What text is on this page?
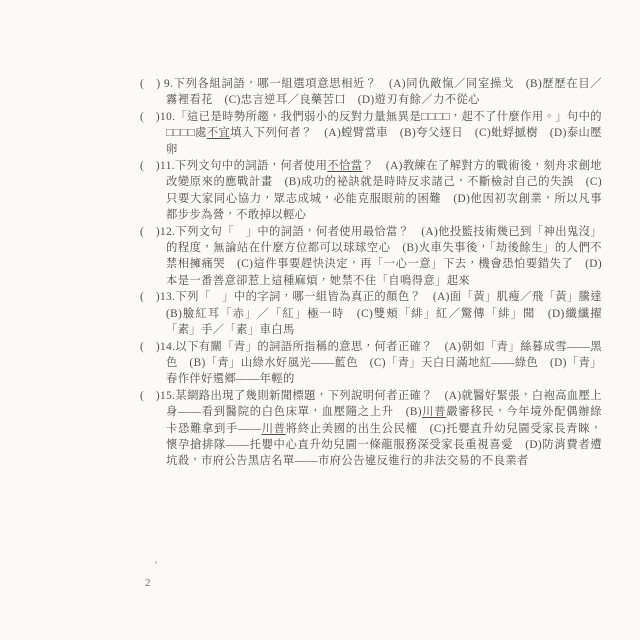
(　) 9.下列各組詞語，哪一組選項意思相近？　(A)同仇敵愾／同室操戈　(B)歷歷在目／霧裡看花　(C)忠言逆耳／良藥苦口　(D)遊刃有餘／力不從心
(　)10.「這已是時勢所趨，我們弱小的反對力量無異是□□□□，起不了什麼作用。」句中的□□□□處不宜填入下列何者？　(A)螳臂當車　(B)夸父逐日　(C)蚍蜉撼樹　(D)泰山壓卵
(　)11.下列文句中的詞語，何者使用不恰當？　(A)教練在了解對方的戰術後，刻舟求劍地改變原來的應戰計畫　(B)成功的祕訣就是時時反求諸己，不斷檢討自己的失誤　(C)只要大家同心協力，眾志成城，必能克服眼前的困難　(D)他因初次創業，所以凡事都步步為營，不敢掉以輕心
(　)12.下列文句「　」中的詞語，何者使用最恰當？　(A)他投籃技術幾已到「神出鬼沒」的程度，無論站在什麼方位都可以球球空心　(B)火車失事後，「劫後餘生」的人們不禁相擁痛哭　(C)這件事要趕快決定，再「一心一意」下去，機會恐怕要錯失了　(D)本是一番善意卻惹上這種麻煩，她禁不住「自鳴得意」起來
(　)13.下列「　」中的字詞，哪一組皆為真正的顏色？　(A)面「黃」肌瘦／飛「黃」騰達　(B)臉紅耳「赤」／「紅」極一時　(C)雙頰「緋」紅／驚傳「緋」聞　(D)纖纖擢「素」手／「素」車白馬
(　)14.以下有關「青」的詞語所指稱的意思，何者正確？　(A)朝如「青」絲暮成雪——黑色　(B)「青」山綠水好風光——藍色　(C)「青」天白日滿地紅——綠色　(D)「青」春作伴好還鄉——年輕的
(　)15.某網路出現了幾則新聞標題，下列說明何者正確？　(A)就醫好緊張，白袍高血壓上身——看到醫院的白色床單，血壓隨之上升　(B)川普嚴審移民，今年境外配偶辦綠卡恐難拿到手——川普將終止美國的出生公民權　(C)托嬰直升幼兒園受家長青睞，懷孕搶排隊——托嬰中心直升幼兒園一條龍服務深受家長重視喜愛　(D)防消費者遭坑殺，市府公告黑店名單——市府公告違反進行的非法交易的不良業者
2
